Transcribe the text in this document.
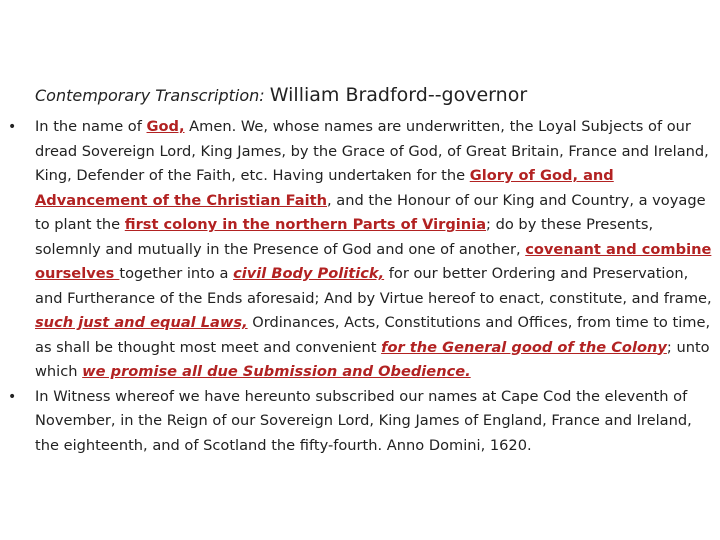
Contemporary Transcription: William Bradford--governor
• In the name of God, Amen. We, whose names are underwritten, the Loyal Subjects of our dread Sovereign Lord, King James, by the Grace of God, of Great Britain, France and Ireland, King, Defender of the Faith, etc. Having undertaken for the Glory of God, and Advancement of the Christian Faith, and the Honour of our King and Country, a voyage to plant the first colony in the northern Parts of Virginia; do by these Presents, solemnly and mutually in the Presence of God and one of another, covenant and combine ourselves together into a civil Body Politick, for our better Ordering and Preservation, and Furtherance of the Ends aforesaid; And by Virtue hereof to enact, constitute, and frame, such just and equal Laws, Ordinances, Acts, Constitutions and Offices, from time to time, as shall be thought most meet and convenient for the General good of the Colony; unto which we promise all due Submission and Obedience.
• In Witness whereof we have hereunto subscribed our names at Cape Cod the eleventh of November, in the Reign of our Sovereign Lord, King James of England, France and Ireland, the eighteenth, and of Scotland the fifty-fourth. Anno Domini, 1620.
